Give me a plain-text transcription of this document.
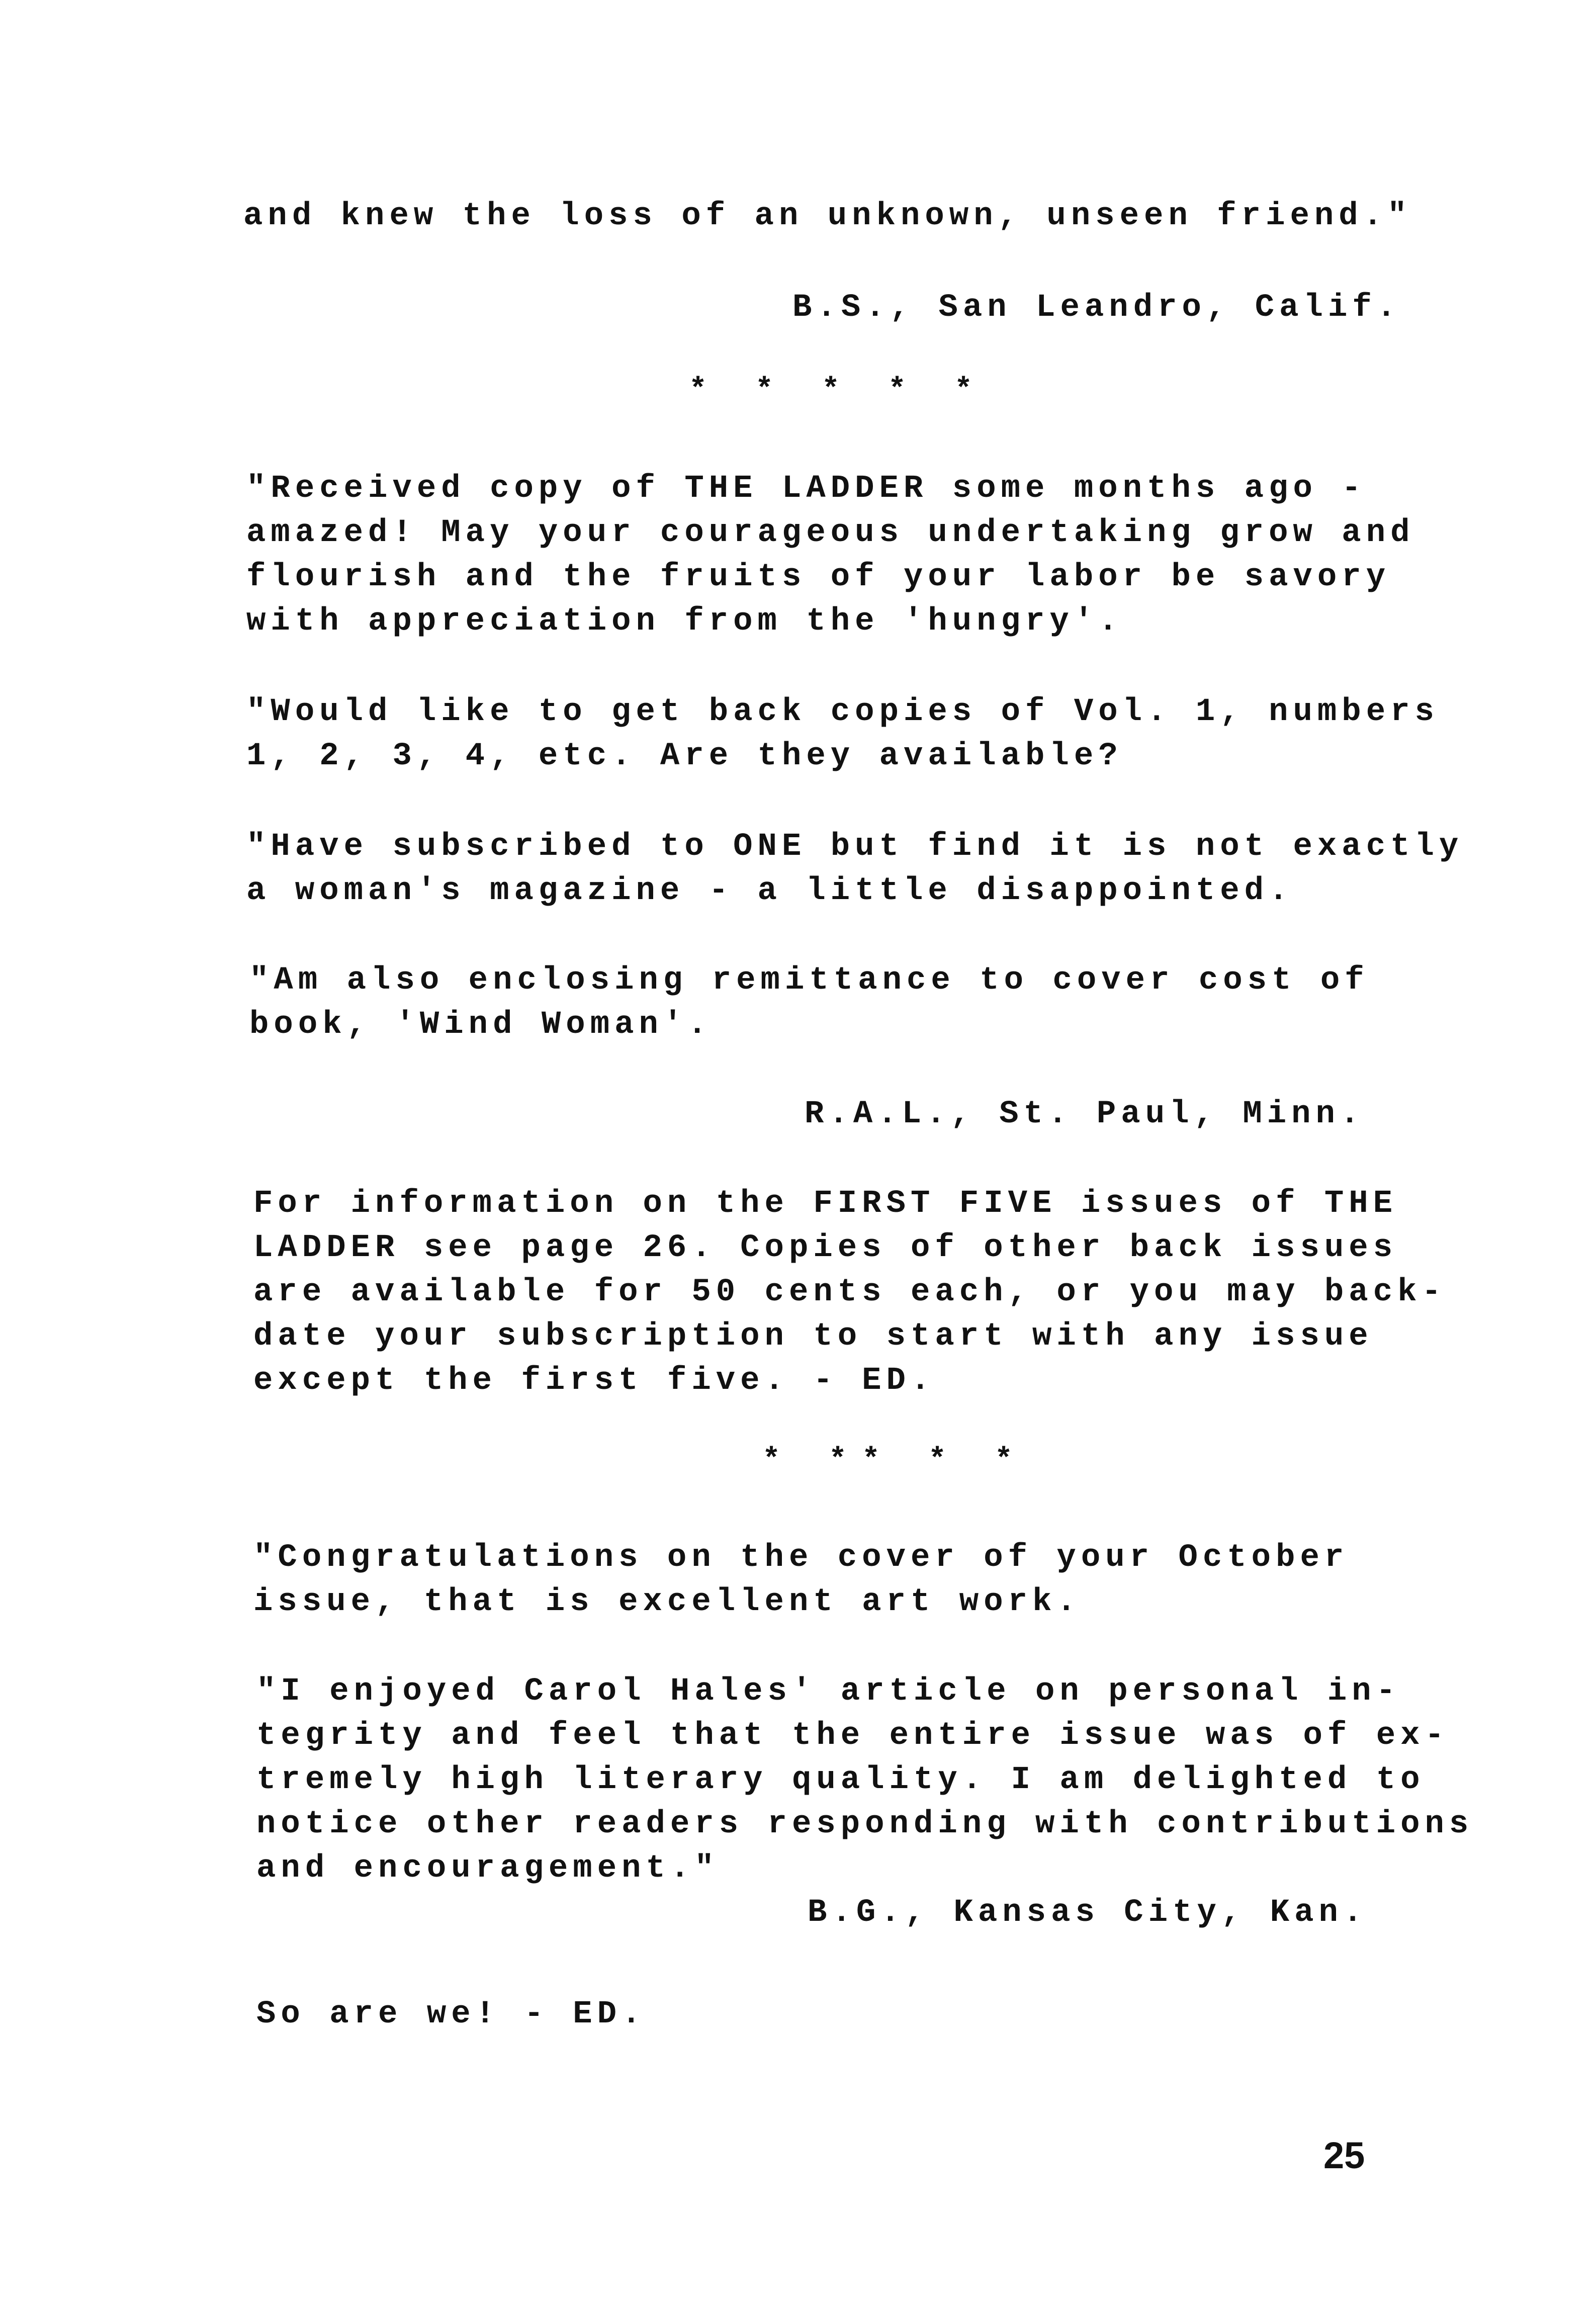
and knew the loss of an unknown, unseen friend."
B.S., San Leandro, Calif.
* * * * *
"Received copy of THE LADDER some months ago -
amazed! May your courageous undertaking grow and
flourish and the fruits of your labor be savory
with appreciation from the 'hungry'.
"Would like to get back copies of Vol. 1, numbers
1, 2, 3, 4, etc. Are they available?
"Have subscribed to ONE but find it is not exactly
a woman's magazine - a little disappointed.
"Am also enclosing remittance to cover cost of
book, 'Wind Woman'.
R.A.L., St. Paul, Minn.
For information on the FIRST FIVE issues of THE
LADDER see page 26. Copies of other back issues
are available for 50 cents each, or you may back-
date your subscription to start with any issue
except the first five. - ED.
* ** * *
"Congratulations on the cover of your October
issue, that is excellent art work.
"I enjoyed Carol Hales' article on personal in-
tegrity and feel that the entire issue was of ex-
tremely high literary quality. I am delighted to
notice other readers responding with contributions
and encouragement."
B.G., Kansas City, Kan.
So are we! - ED.
25
